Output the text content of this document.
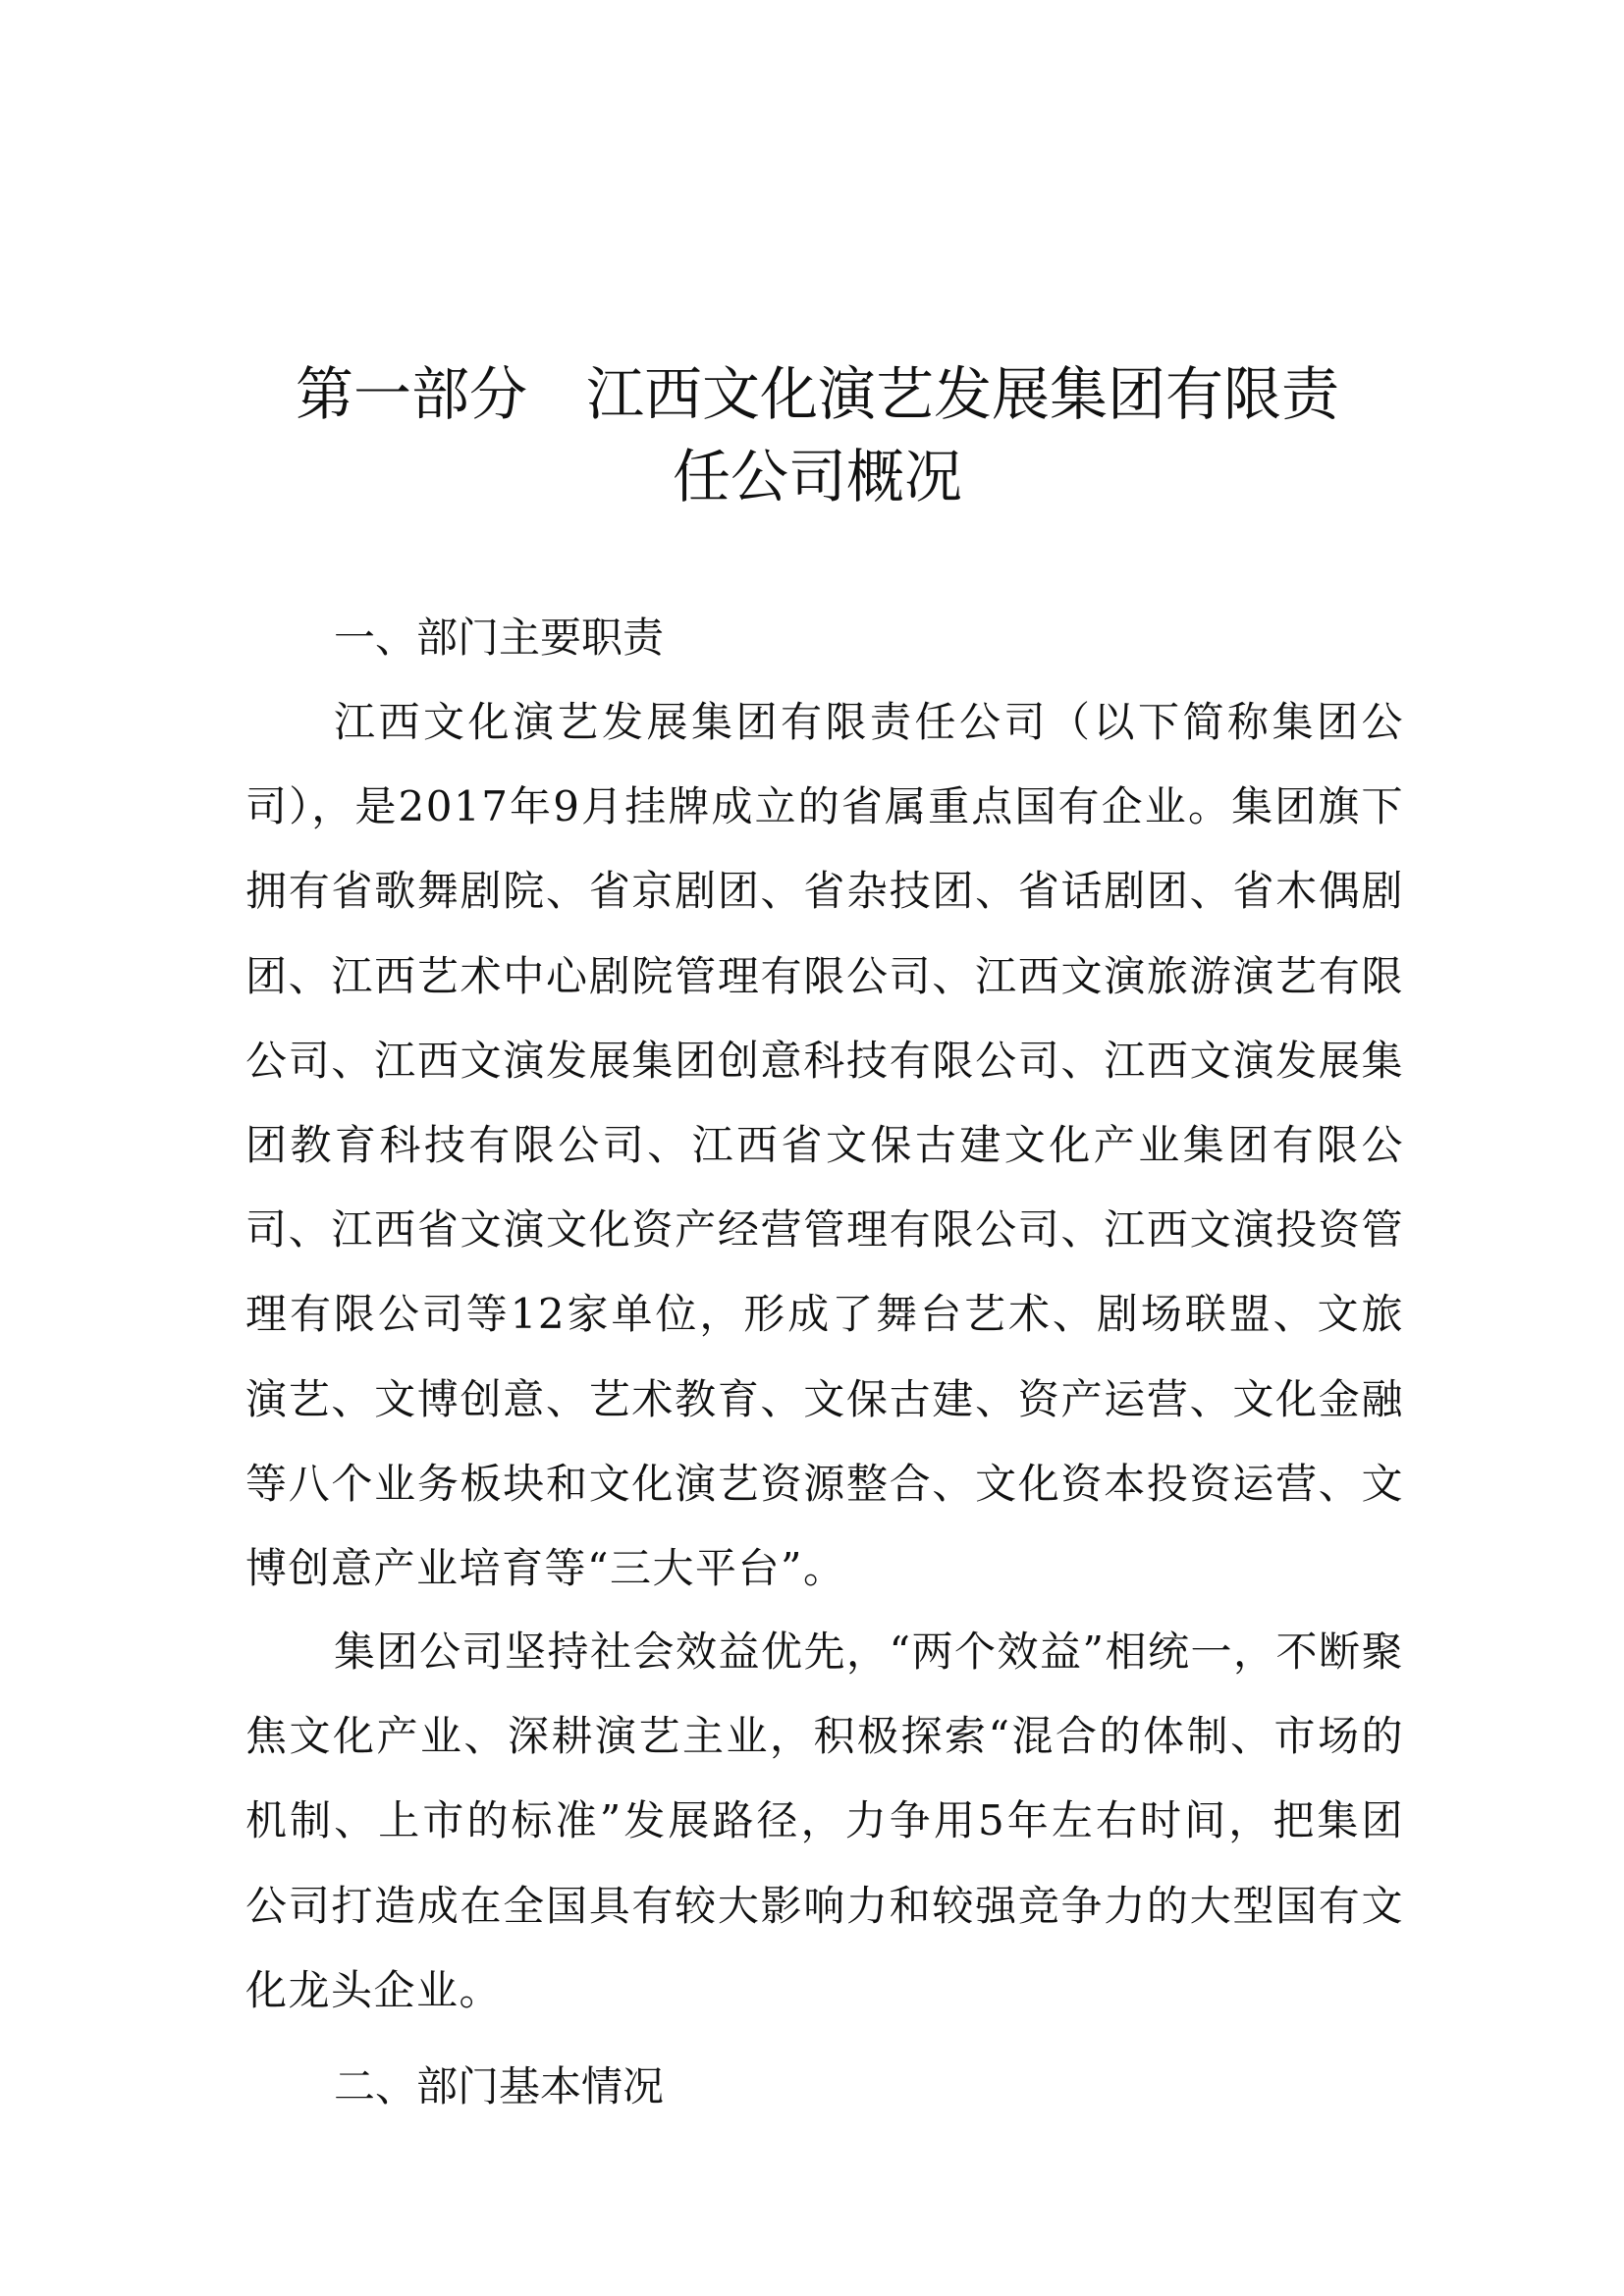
第一部分 江西文化演艺发展集团有限责
任公司概况
一、部门主要职责

江西文化演艺发展集团有限责任公司（以下简称集团公司），是2017年9月挂牌成立的省属重点国有企业。集团旗下拥有省歌舞剧院、省京剧团、省杂技团、省话剧团、省木偶剧团、江西艺术中心剧院管理有限公司、江西文演旅游演艺有限公司、江西文演发展集团创意科技有限公司、江西文演发展集团教育科技有限公司、江西省文保古建文化产业集团有限公司、江西省文演文化资产经营管理有限公司、江西文演投资管理有限公司等12家单位，形成了舞台艺术、剧场联盟、文旅演艺、文博创意、艺术教育、文保古建、资产运营、文化金融等八个业务板块和文化演艺资源整合、文化资本投资运营、文博创意产业培育等“三大平台”。

集团公司坚持社会效益优先，“两个效益”相统一，不断聚焦文化产业、深耕演艺主业，积极探索“混合的体制、市场的机制、上市的标准”发展路径，力争用5年左右时间，把集团公司打造成在全国具有较大影响力和较强竞争力的大型国有文化龙头企业。

二、部门基本情况
